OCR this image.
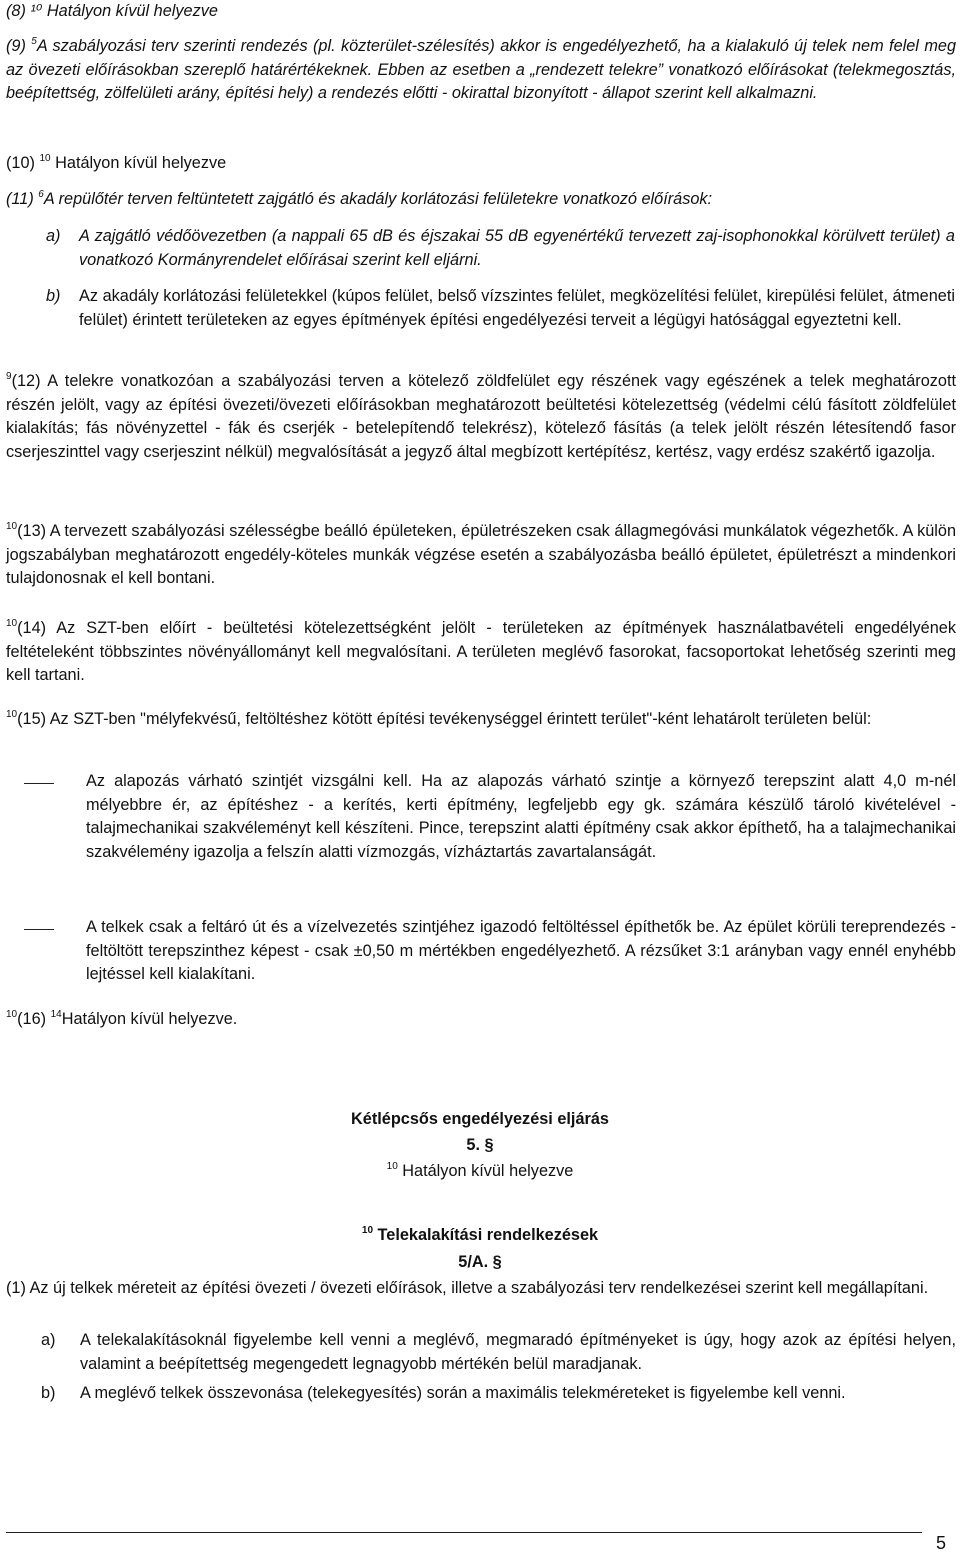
(8) ¹⁰ Hatályon kívül helyezve

(9) $^5$A szabályozási terv szerinti rendezés (pl. közterület-szélesítés) akkor is engedélyezhető, ha a kialakuló új telek nem felel meg az övezeti előírásokban szereplő határértékeknek. Ebben az esetben a „rendezett telekre” vonatkozó előírásokat (telekmegosztás, beépítettség, zölfelületi arány, építési hely) a rendezés előtti - okirattal bizonyított - állapot szerint kell alkalmazni.

(10) $^{10}$ Hatályon kívül helyezve

(11) $^6$A repülőtér terven feltüntetett zajgátló és akadály korlátozási felületekre vonatkozó előírások:

a) A zajgátló védőövezetben (a nappali 65 dB és éjszakai 55 dB egyenértékű tervezett zaj-isophonokkal körülvett terület) a vonatkozó Kormányrendelet előírásai szerint kell eljárni.

b) Az akadály korlátozási felületekkel (kúpos felület, belső vízszintes felület, megközelítési felület, kirepülési felület, átmeneti felület) érintett területeken az egyes építmények építési engedélyezési terveit a légügyi hatósággal egyeztetni kell.

$^9$(12) A telekre vonatkozóan a szabályozási terven a kötelező zöldfelület egy részének vagy egészének a telek meghatározott részén jelölt, vagy az építési övezeti/övezeti előírásokban meghatározott beültetési kötelezettség (védelmi célú fásított zöldfelület kialakítás; fás növényzettel - fák és cserjék - betelepítendő telekrész), kötelező fásítás (a telek jelölt részén létesítendő fasor cserjeszinttel vagy cserjeszint nélkül) megvalósítását a jegyző által megbízott kertépítész, kertész, vagy erdész szakértő igazolja.

$^{10}$(13) A tervezett szabályozási szélességbe beálló épületeken, épületrészeken csak állagmegóvási munkálatok végezhetők. A külön jogszabályban meghatározott engedély-köteles munkák végzése esetén a szabályozásba beálló épületet, épületrészt a mindenkori tulajdonosnak el kell bontani.

$^{10}$(14) Az SZT-ben előírt - beültetési kötelezettségként jelölt - területeken az építmények használatbavételi engedélyének feltételeként többszintes növényállományt kell megvalósítani. A területen meglévő fasorokat, facsoportokat lehetőség szerinti meg kell tartani.

$^{10}$(15) Az SZT-ben "mélyfekvésű, feltöltéshez kötött építési tevékenységgel érintett terület"-ként lehatárolt területen belül:

Az alapozás várható szintjét vizsgálni kell. Ha az alapozás várható szintje a környező terepszint alatt 4,0 m-nél mélyebbre ér, az építéshez - a kerítés, kerti építmény, legfeljebb egy gk. számára készülő tároló kivételével - talajmechanikai szakvéleményt kell készíteni. Pince, terepszint alatti építmény csak akkor építhető, ha a talajmechanikai szakvélemény igazolja a felszín alatti vízmozgás, vízháztartás zavartalanságát.

A telkek csak a feltáró út és a vízelvezetés szintjéhez igazodó feltöltéssel építhetők be. Az épület körüli tereprendezés - feltöltött terepszinthez képest - csak ±0,50 m mértékben engedélyezhető. A rézsűket 3:1 arányban vagy ennél enyhébb lejtéssel kell kialakítani.

$^{10}$(16) $^{14}$Hatályon kívül helyezve.

Kétlépcsős engedélyezési eljárás
5. §
$^{10}$ Hatályon kívül helyezve
$^{10}$ Telekalakítási rendelkezések
5/A. §

(1) Az új telkek méreteit az építési övezeti / övezeti előírások, illetve a szabályozási terv rendelkezései szerint kell megállapítani.

a) A telekalakításoknál figyelembe kell venni a meglévő, megmaradó építményeket is úgy, hogy azok az építési helyen, valamint a beépítettség megengedett legnagyobb mértékén belül maradjanak.

b) A meglévő telkek összevonása (telekegyesítés) során a maximális telekméreteket is figyelembe kell venni.

5
